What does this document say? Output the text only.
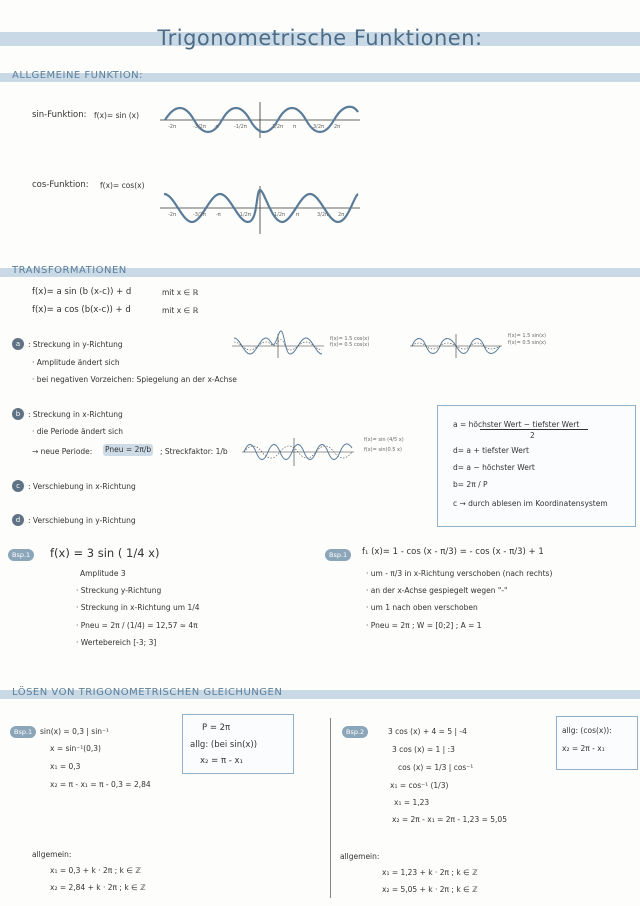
Trigonometrische Funktionen:
ALLGEMEINE FUNKTION:
sin-Funktion: f(x)= sin (x)
-2π	-3/2π -π	-1/2π	1/2π π	3/2π 2π
cos-Funktion: f(x)= cos(x)
-2π	-3/2π -π	-1/2π	1/2π π	3/2π 2π
TRANSFORMATIONEN
f(x)= a sin (b (x-c)) + d	mit x ∈ ℝ
f(x)= a cos (b(x-c)) + d	mit x ∈ ℝ
a	: Streckung in y-Richtung
· Amplitude ändert sich
· bei negativen Vorzeichen: Spiegelung an der x-Achse
f(x)= 1.5 cos(x)
f(x)= 0.5 cos(x)
f(x)= 1.5 sin(x)
f(x)= 0.5 sin(x)
b	: Streckung in x-Richtung
· die Periode ändert sich
→ neue Periode: Pneu = 2π/b ; Streckfaktor: 1/b
f(x)= sin (4/5 x)
f(x)= sin(0.5 x)
c	: Verschiebung in x-Richtung
d	: Verschiebung in y-Richtung
a = höchster Wert − tiefster Wert
2
d= a + tiefster Wert
d= a − höchster Wert
b= 2π / P
c → durch ablesen im Koordinatensystem
Bsp.1	f(x) = 3 sin ( 1/4 x)
Amplitude 3
· Streckung y-Richtung
· Streckung in x-Richtung um 1/4
· Pneu = 2π / (1/4) = 12,57 ≈ 4π
· Wertebereich [-3; 3]
Bsp.1	f₁ (x)= 1 - cos (x - π/3) = - cos (x - π/3) + 1
· um - π/3 in x-Richtung verschoben (nach rechts)
· an der x-Achse gespiegelt wegen "-"
· um 1 nach oben verschoben
· Pneu = 2π ; W = [0;2] ; A = 1
LÖSEN VON TRIGONOMETRISCHEN GLEICHUNGEN
Bsp.1	sin(x) = 0,3 | sin⁻¹
x = sin⁻¹(0,3)
x₁ = 0,3
x₂ = π - x₁ = π - 0,3 = 2,84
P = 2π
allg: (bei sin(x))
x₂ = π - x₁
allgemein:
x₁ = 0,3 + k · 2π ; k ∈ ℤ
x₂ = 2,84 + k · 2π ; k ∈ ℤ
Bsp.2	3 cos (x) + 4 = 5 | -4
3 cos (x) = 1 | :3
cos (x) = 1/3 | cos⁻¹
x₁ = cos⁻¹ (1/3)
x₁ = 1,23
x₂ = 2π - x₁ = 2π - 1,23 = 5,05
allg: (cos(x)):
x₂ = 2π - x₁
allgemein:
x₁ = 1,23 + k · 2π ; k ∈ ℤ
x₂ = 5,05 + k · 2π ; k ∈ ℤ
